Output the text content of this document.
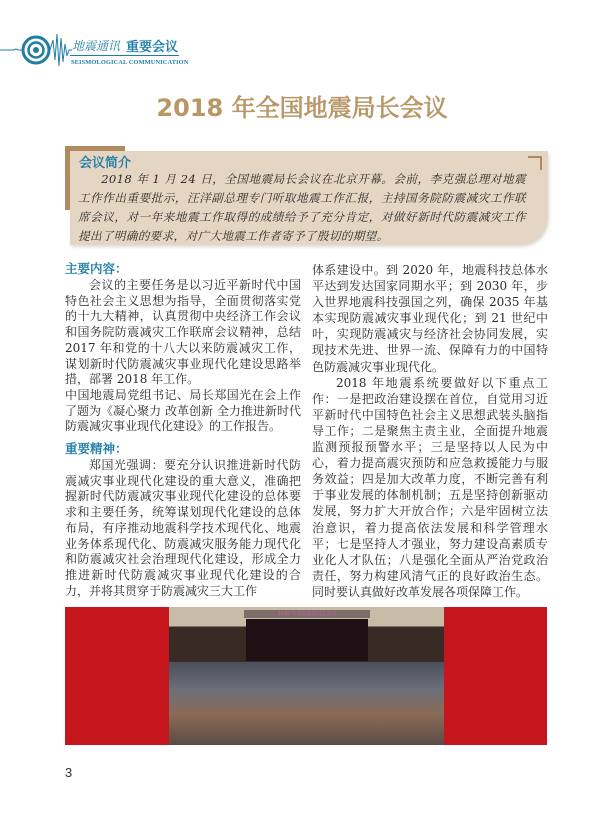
地震通讯 重要会议
SEISMOLOGICAL COMMUNICATION
2018 年全国地震局长会议
会议简介
2018 年 1 月 24 日，全国地震局长会议在北京开幕。会前，李克强总理对地震工作作出重要批示，汪洋副总理专门听取地震工作汇报，主持国务院防震减灾工作联席会议，对一年来地震工作取得的成绩给予了充分肯定，对做好新时代防震减灾工作提出了明确的要求，对广大地震工作者寄予了殷切的期望。
主要内容：

会议的主要任务是以习近平新时代中国特色社会主义思想为指导，全面贯彻落实党的十九大精神，认真贯彻中央经济工作会议和国务院防震减灾工作联席会议精神，总结 2017 年和党的十八大以来防震减灾工作，谋划新时代防震减灾事业现代化建设思路举措，部署 2018 年工作。

中国地震局党组书记、局长郑国光在会上作了题为《凝心聚力 改革创新 全力推进新时代防震减灾事业现代化建设》的工作报告。

重要精神：

郑国光强调：要充分认识推进新时代防震减灾事业现代化建设的重大意义，准确把握新时代防震减灾事业现代化建设的总体要求和主要任务，统筹谋划现代化建设的总体布局，有序推动地震科学技术现代化、地震业务体系现代化、防震减灾服务能力现代化和防震减灾社会治理现代化建设，形成全力推进新时代防震减灾事业现代化建设的合力，并将其贯穿于防震减灾三大工作

体系建设中。到 2020 年，地震科技总体水平达到发达国家同期水平；到 2030 年，步入世界地震科技强国之列，确保 2035 年基本实现防震减灾事业现代化；到 21 世纪中叶，实现防震减灾与经济社会协同发展，实现技术先进、世界一流、保障有力的中国特色防震减灾事业现代化。

2018 年地震系统要做好以下重点工作：一是把政治建设摆在首位，自觉用习近平新时代中国特色社会主义思想武装头脑指导工作；二是聚焦主责主业，全面提升地震监测预报预警水平；三是坚持以人民为中心，着力提高震灾预防和应急救援能力与服务效益；四是加大改革力度，不断完善有利于事业发展的体制机制；五是坚持创新驱动发展，努力扩大开放合作；六是牢固树立法治意识，着力提高依法发展和科学管理水平；七是坚持人才强业，努力建设高素质专业化人才队伍；八是强化全面从严治党政治责任，努力构建风清气正的良好政治生态。同时要认真做好改革发展各项保障工作。

2018 年全国地震局长会议
3
